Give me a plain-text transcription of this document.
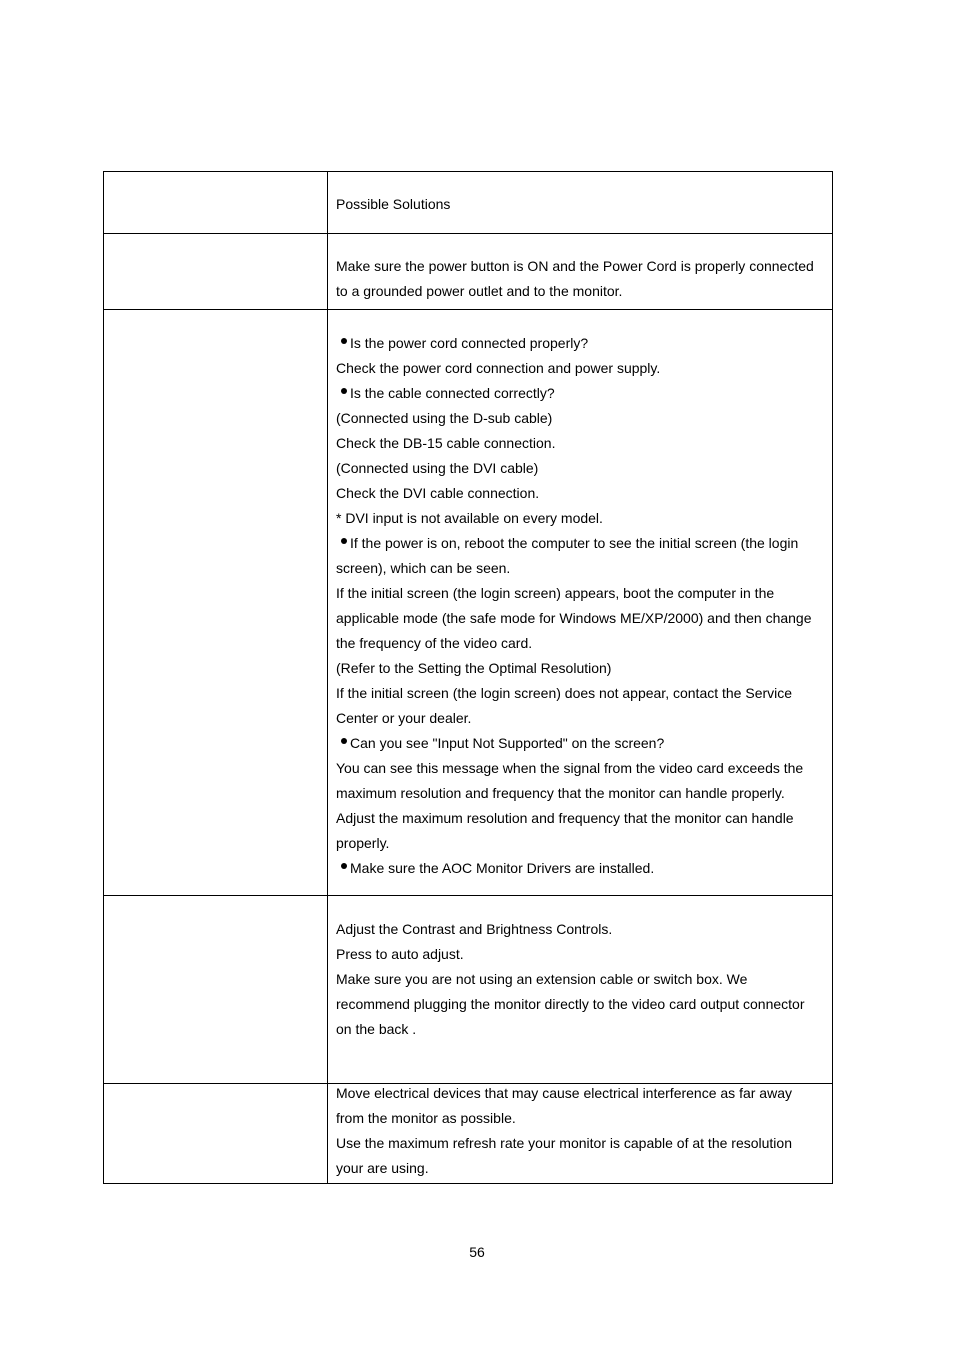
Possible Solutions
Make sure the power button is ON and the Power Cord is properly connected
to a grounded power outlet and to the monitor.
Is the power cord connected properly?
Check the power cord connection and power supply.
Is the cable connected correctly?
(Connected using the D-sub cable)
Check the DB-15 cable connection.
(Connected using the DVI cable)
Check the DVI cable connection.
* DVI input is not available on every model.
If the power is on, reboot the computer to see the initial screen (the login
screen), which can be seen.
If the initial screen (the login screen) appears, boot the computer in the
applicable mode (the safe mode for Windows ME/XP/2000) and then change
the frequency of the video card.
(Refer to the Setting the Optimal Resolution)
If the initial screen (the login screen) does not appear, contact the Service
Center or your dealer.
Can you see "Input Not Supported" on the screen?
You can see this message when the signal from the video card exceeds the
maximum resolution and frequency that the monitor can handle properly.
Adjust the maximum resolution and frequency that the monitor can handle
properly.
Make sure the AOC Monitor Drivers are installed.
Adjust the Contrast and Brightness Controls.
Press to auto adjust.
Make sure you are not using an extension cable or switch box. We
recommend plugging the monitor directly to the video card output connector
on the back .
Move electrical devices that may cause electrical interference as far away
from the monitor as possible.
Use the maximum refresh rate your monitor is capable of at the resolution
your are using.
56
